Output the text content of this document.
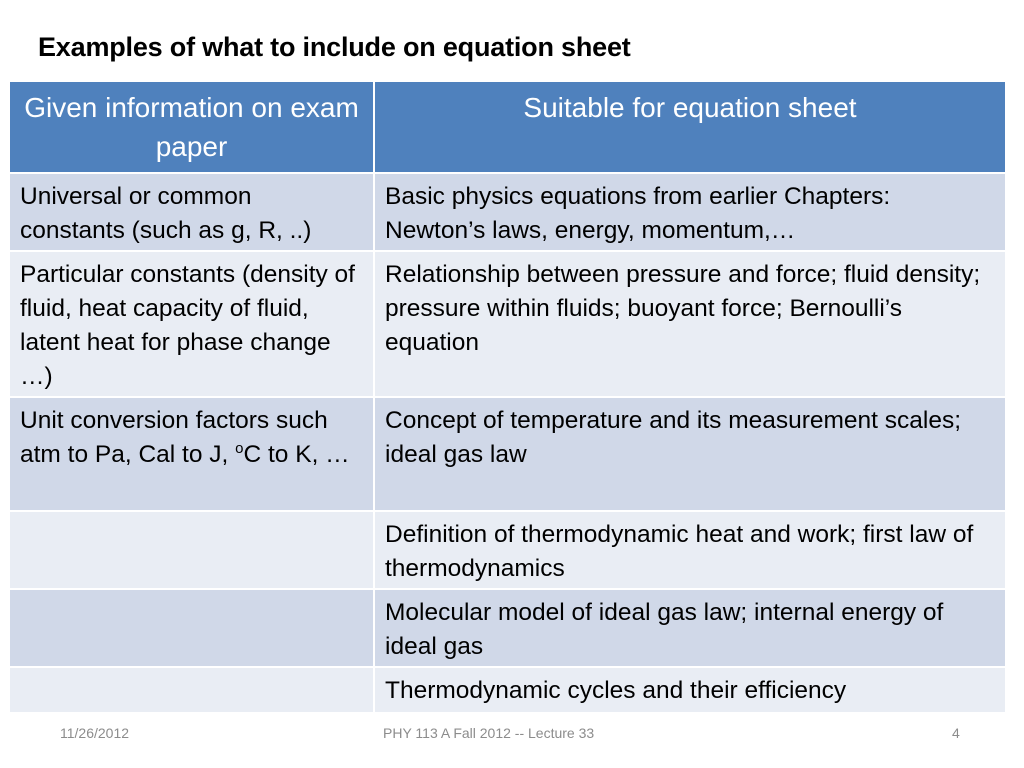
Examples of what to include on equation sheet
Given information on exam paper	Suitable for equation sheet
Universal or common constants (such as g, R, ..)	Basic physics equations from earlier Chapters: Newton’s laws, energy, momentum,…
Particular constants (density of fluid, heat capacity of fluid, latent heat for phase change …)	Relationship between pressure and force; fluid density; pressure within fluids; buoyant force; Bernoulli’s equation
Unit conversion factors such atm to Pa, Cal to J, $^o$C to K, …	Concept of temperature and its measurement scales; ideal gas law
	Definition of thermodynamic heat and work; first law of thermodynamics
	Molecular model of ideal gas law; internal energy of ideal gas
	Thermodynamic cycles and their efficiency
11/26/2012	PHY 113 A Fall 2012 -- Lecture 33	4
